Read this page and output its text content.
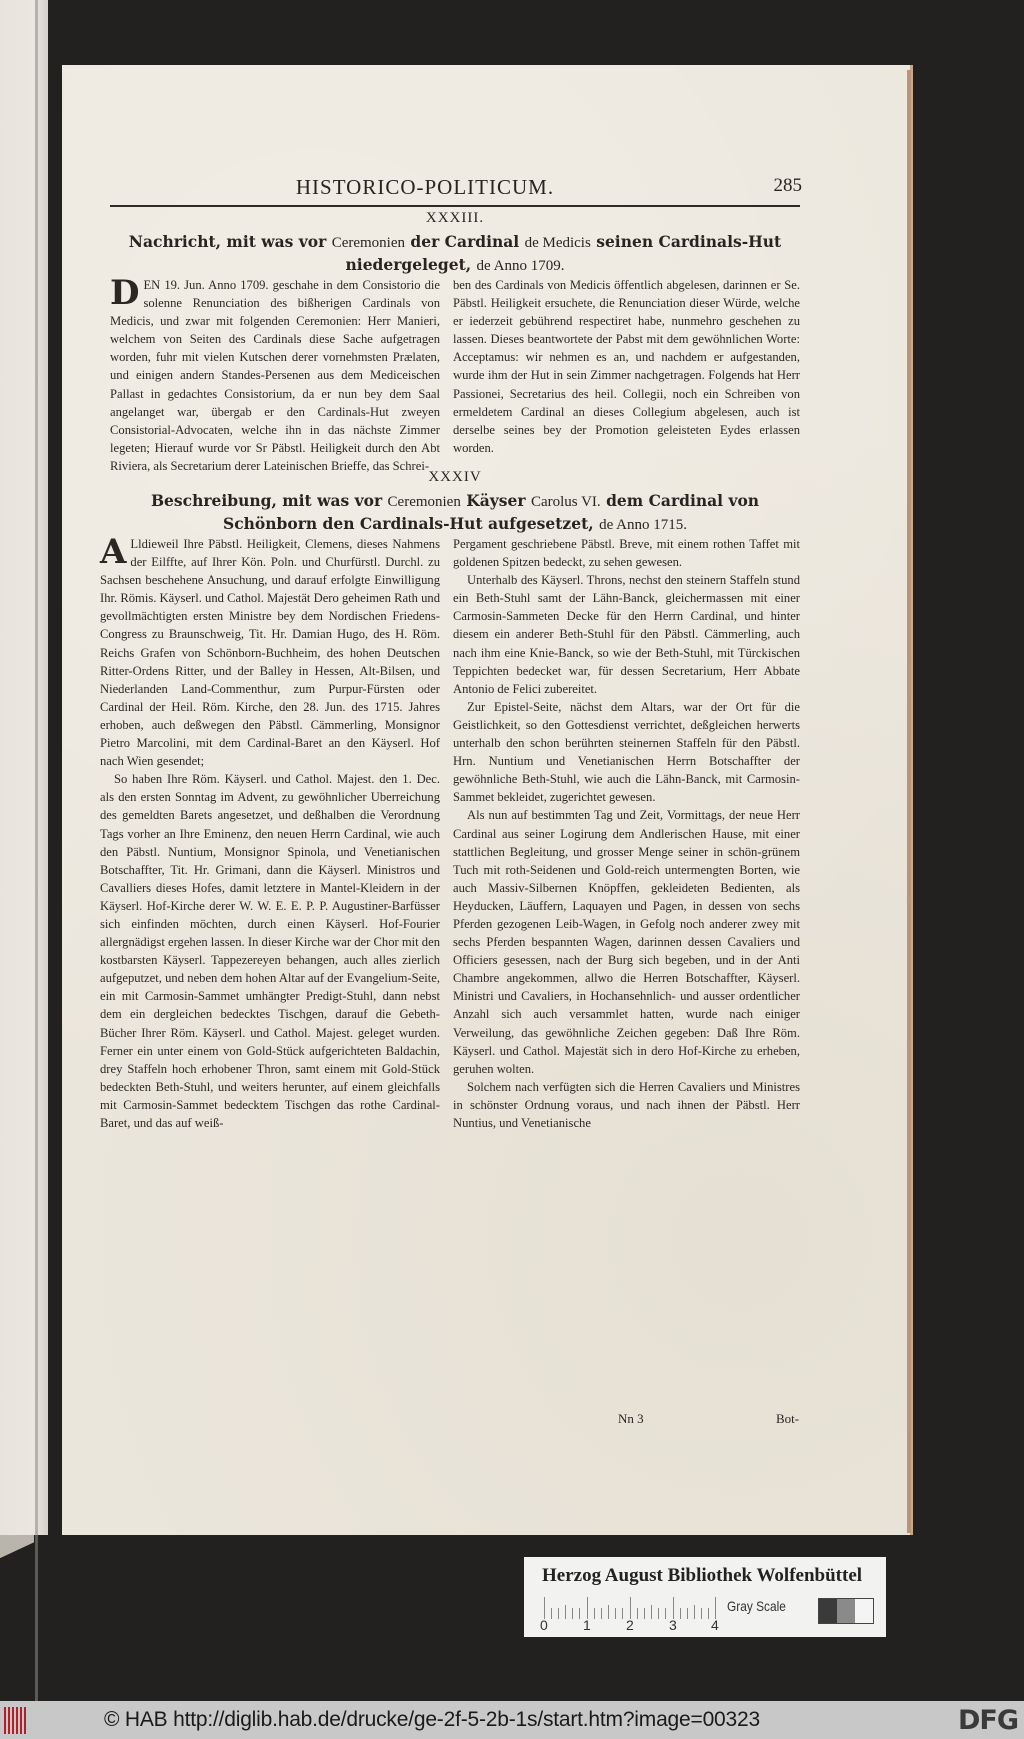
HISTORICO-POLITICUM.	285
XXXIII.
Nachricht, mit was vor Ceremonien der Cardinal de Medicis seinen Cardinals-Hut
niedergeleget, de Anno 1709.

DEN 19. Jun. Anno 1709. geschahe in dem Consistorio die solenne Renunciation des bißherigen Cardinals von Medicis, und zwar mit folgenden Ceremonien: Herr Manieri, welchem von Seiten des Cardinals diese Sache aufgetragen worden, fuhr mit vielen Kutschen derer vornehmsten Prælaten, und einigen andern Standes-Persenen aus dem Mediceischen Pallast in gedachtes Consistorium, da er nun bey dem Saal angelanget war, übergab er den Cardinals-Hut zweyen Consistorial-Advocaten, welche ihn in das nächste Zimmer legeten; Hierauf wurde vor Sr Päbstl. Heiligkeit durch den Abt Riviera, als Secretarium derer Lateinischen Brieffe, das Schrei-

ben des Cardinals von Medicis öffentlich abgelesen, darinnen er Se. Päbstl. Heiligkeit ersuchete, die Renunciation dieser Würde, welche er iederzeit gebührend respectiret habe, nunmehro geschehen zu lassen. Dieses beantwortete der Pabst mit dem gewöhnlichen Worte: Acceptamus: wir nehmen es an, und nachdem er aufgestanden, wurde ihm der Hut in sein Zimmer nachgetragen. Folgends hat Herr Passionei, Secretarius des heil. Collegii, noch ein Schreiben von ermeldetem Cardinal an dieses Collegium abgelesen, auch ist derselbe seines bey der Promotion geleisteten Eydes erlassen worden.

XXXIV
Beschreibung, mit was vor Ceremonien Käyser Carolus VI. dem Cardinal von
Schönborn den Cardinals-Hut aufgesetzet, de Anno 1715.

A Lldieweil Ihre Päbstl. Heiligkeit, Clemens, dieses Nahmens der Eilffte, auf Ihrer Kön. Poln. und Churfürstl. Durchl. zu Sachsen beschehene Ansuchung, und darauf erfolgte Einwilligung Ihr. Römis. Käyserl. und Cathol. Majestät Dero geheimen Rath und gevollmächtigten ersten Ministre bey dem Nordischen Friedens-Congress zu Braunschweig, Tit. Hr. Damian Hugo, des H. Röm. Reichs Grafen von Schönborn-Buchheim, des hohen Deutschen Ritter-Ordens Ritter, und der Balley in Hessen, Alt-Bilsen, und Niederlanden Land-Commenthur, zum Purpur-Fürsten oder Cardinal der Heil. Röm. Kirche, den 28. Jun. des 1715. Jahres erhoben, auch deßwegen den Päbstl. Cämmerling, Monsignor Pietro Marcolini, mit dem Cardinal-Baret an den Käyserl. Hof nach Wien gesendet;

So haben Ihre Röm. Käyserl. und Cathol. Majest. den 1. Dec. als den ersten Sonntag im Advent, zu gewöhnlicher Uberreichung des gemeldten Barets angesetzet, und deßhalben die Verordnung Tags vorher an Ihre Eminenz, den neuen Herrn Cardinal, wie auch den Päbstl. Nuntium, Monsignor Spinola, und Venetianischen Botschaffter, Tit. Hr. Grimani, dann die Käyserl. Ministros und Cavalliers dieses Hofes, damit letztere in Mantel-Kleidern in der Käyserl. Hof-Kirche derer W. W. E. E. P. P. Augustiner-Barfüsser sich einfinden möchten, durch einen Käyserl. Hof-Fourier allergnädigst ergehen lassen. In dieser Kirche war der Chor mit den kostbarsten Käyserl. Tappezereyen behangen, auch alles zierlich aufgeputzet, und neben dem hohen Altar auf der Evangelium-Seite, ein mit Carmosin-Sammet umhängter Predigt-Stuhl, dann nebst dem ein dergleichen bedecktes Tischgen, darauf die Gebeth-Bücher Ihrer Röm. Käyserl. und Cathol. Majest. geleget wurden. Ferner ein unter einem von Gold-Stück aufgerichteten Baldachin, drey Staffeln hoch erhobener Thron, samt einem mit Gold-Stück bedeckten Beth-Stuhl, und weiters herunter, auf einem gleichfalls mit Carmosin-Sammet bedecktem Tischgen das rothe Cardinal-Baret, und das auf weiß-

Pergament geschriebene Päbstl. Breve, mit einem rothen Taffet mit goldenen Spitzen bedeckt, zu sehen gewesen.

Unterhalb des Käyserl. Throns, nechst den steinern Staffeln stund ein Beth-Stuhl samt der Lähn-Banck, gleichermassen mit einer Carmosin-Sammeten Decke für den Herrn Cardinal, und hinter diesem ein anderer Beth-Stuhl für den Päbstl. Cämmerling, auch nach ihm eine Knie-Banck, so wie der Beth-Stuhl, mit Türckischen Teppichten bedecket war, für dessen Secretarium, Herr Abbate Antonio de Felici zubereitet.

Zur Epistel-Seite, nächst dem Altars, war der Ort für die Geistlichkeit, so den Gottesdienst verrichtet, deßgleichen herwerts unterhalb den schon berührten steinernen Staffeln für den Päbstl. Hrn. Nuntium und Venetianischen Herrn Botschaffter der gewöhnliche Beth-Stuhl, wie auch die Lähn-Banck, mit Carmosin-Sammet bekleidet, zugerichtet gewesen.

Als nun auf bestimmten Tag und Zeit, Vormittags, der neue Herr Cardinal aus seiner Logirung dem Andlerischen Hause, mit einer stattlichen Begleitung, und grosser Menge seiner in schön-grünem Tuch mit roth-Seidenen und Gold-reich untermengten Borten, wie auch Massiv-Silbernen Knöpffen, gekleideten Bedienten, als Heyducken, Läuffern, Laquayen und Pagen, in dessen von sechs Pferden gezogenen Leib-Wagen, in Gefolg noch anderer zwey mit sechs Pferden bespannten Wagen, darinnen dessen Cavaliers und Officiers gesessen, nach der Burg sich begeben, und in der Anti Chambre angekommen, allwo die Herren Botschaffter, Käyserl. Ministri und Cavaliers, in Hochansehnlich- und ausser ordentlicher Anzahl sich auch versammlet hatten, wurde nach einiger Verweilung, das gewöhnliche Zeichen gegeben: Daß Ihre Röm. Käyserl. und Cathol. Majestät sich in dero Hof-Kirche zu erheben, geruhen wolten.

Solchem nach verfügten sich die Herren Cavaliers und Ministres in schönster Ordnung voraus, und nach ihnen der Päbstl. Herr Nuntius, und Venetianische

Nn 3	Bot-
Herzog August Bibliothek Wolfenbüttel
0	1	2	3 4
Gray Scale
© HAB http://diglib.hab.de/drucke/ge-2f-5-2b-1s/start.htm?image=00323	DFG
